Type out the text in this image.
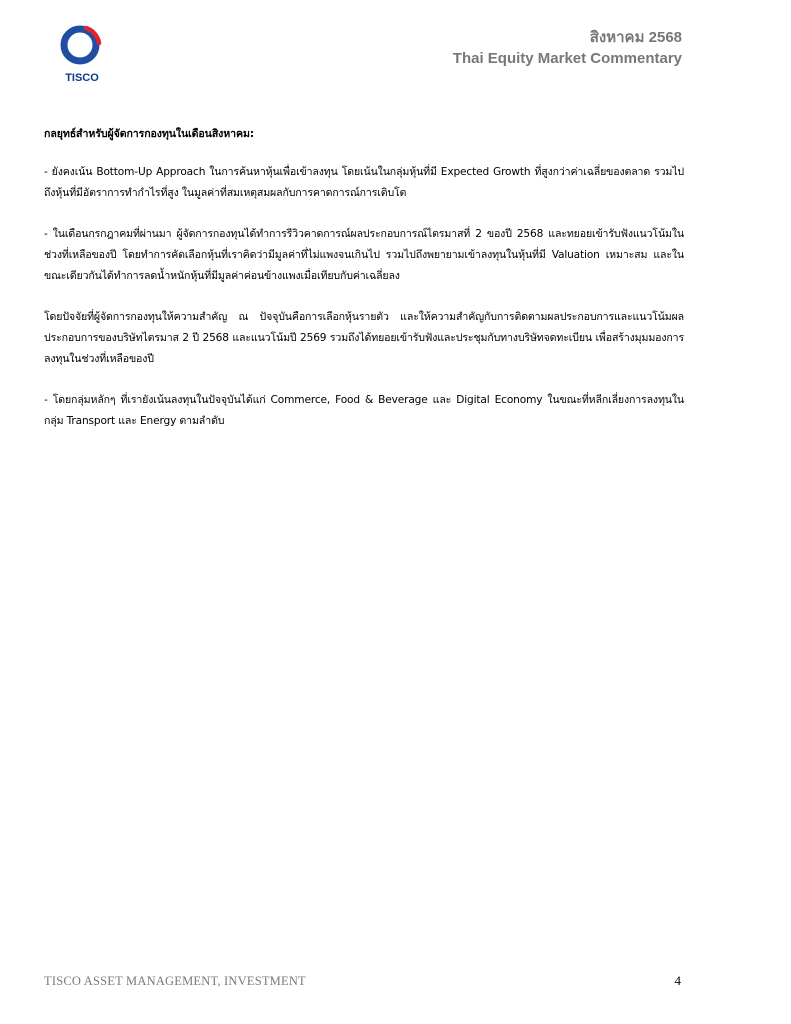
TISCO
สิงหาคม 2568
Thai Equity Market Commentary
กลยุทธ์สำหรับผู้จัดการกองทุนในเดือนสิงหาคม:
- ยังคงเน้น Bottom-Up Approach ในการค้นหาหุ้นเพื่อเข้าลงทุน โดยเน้นในกลุ่มหุ้นที่มี Expected Growth ที่สูงกว่าค่าเฉลี่ยของตลาด รวมไปถึงหุ้นที่มีอัตราการทำกำไรที่สูง ในมูลค่าที่สมเหตุสมผลกับการคาดการณ์การเติบโต
- ในเดือนกรกฎาคมที่ผ่านมา ผู้จัดการกองทุนได้ทำการรีวิวคาดการณ์ผลประกอบการณ์ไตรมาสที่ 2 ของปี 2568 และทยอยเข้ารับฟังแนวโน้มในช่วงที่เหลือของปี โดยทำการคัดเลือกหุ้นที่เราคิดว่ามีมูลค่าที่ไม่แพงจนเกินไป รวมไปถึงพยายามเข้าลงทุนในหุ้นที่มี Valuation เหมาะสม และในขณะเดียวกันได้ทำการลดน้ำหนักหุ้นที่มีมูลค่าค่อนข้างแพงเมื่อเทียบกับค่าเฉลี่ยลง
โดยปัจจัยที่ผู้จัดการกองทุนให้ความสำคัญ ณ ปัจจุบันคือการเลือกหุ้นรายตัว และให้ความสำคัญกับการติดตามผลประกอบการและแนวโน้มผลประกอบการของบริษัทไตรมาส 2 ปี 2568 และแนวโน้มปี 2569 รวมถึงได้ทยอยเข้ารับฟังและประชุมกับทางบริษัทจดทะเบียน เพื่อสร้างมุมมองการลงทุนในช่วงที่เหลือของปี
- โดยกลุ่มหลักๆ ที่เรายังเน้นลงทุนในปัจจุบันได้แก่ Commerce, Food & Beverage และ Digital Economy ในขณะที่หลีกเลี่ยงการลงทุนในกลุ่ม Transport และ Energy ตามลำดับ
TISCO ASSET MANAGEMENT, INVESTMENT	4
